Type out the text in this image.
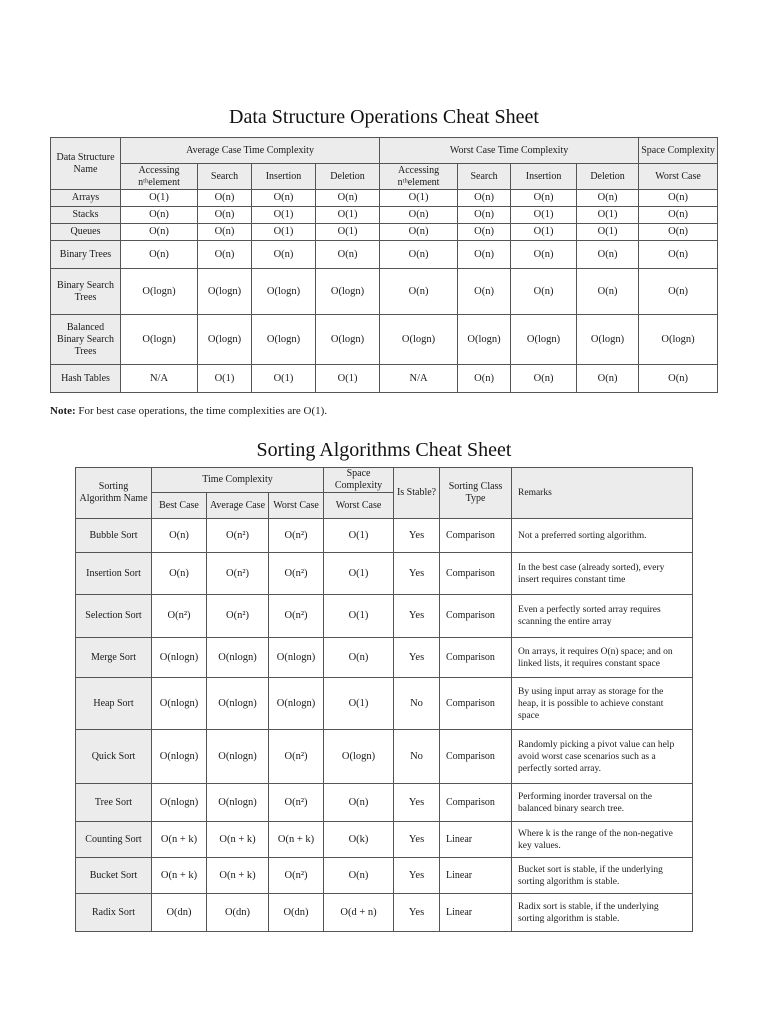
Data Structure Operations Cheat Sheet
Data Structure Name	Average Case Time Complexity				Worst Case Time Complexity				Space Complexity
	Accessing nᵗʰelement	Search	Insertion	Deletion	Accessing nᵗʰelement	Search	Insertion	Deletion	Worst Case
Arrays	O(1)	O(n)	O(n)	O(n)	O(1)	O(n)	O(n)	O(n)	O(n)
Stacks	O(n)	O(n)	O(1)	O(1)	O(n)	O(n)	O(1)	O(1)	O(n)
Queues	O(n)	O(n)	O(1)	O(1)	O(n)	O(n)	O(1)	O(1)	O(n)
Binary Trees	O(n)	O(n)	O(n)	O(n)	O(n)	O(n)	O(n)	O(n)	O(n)
Binary Search Trees	O(logn)	O(logn)	O(logn)	O(logn)	O(n)	O(n)	O(n)	O(n)	O(n)
Balanced Binary Search Trees	O(logn)	O(logn)	O(logn)	O(logn)	O(logn)	O(logn)	O(logn)	O(logn)	O(logn)
Hash Tables	N/A	O(1)	O(1)	O(1)	N/A	O(n)	O(n)	O(n)	O(n)
Note: For best case operations, the time complexities are O(1).
Sorting Algorithms Cheat Sheet
Sorting Algorithm Name	Time Complexity			Space Complexity	Is Stable?	Sorting Class Type	Remarks
	Best Case	Average Case	Worst Case	Worst Case			
Bubble Sort	O(n)	O(n²)	O(n²)	O(1)	Yes	Comparison	Not a preferred sorting algorithm.
Insertion Sort	O(n)	O(n²)	O(n²)	O(1)	Yes	Comparison	In the best case (already sorted), every insert requires constant time
Selection Sort	O(n²)	O(n²)	O(n²)	O(1)	Yes	Comparison	Even a perfectly sorted array requires scanning the entire array
Merge Sort	O(nlogn)	O(nlogn)	O(nlogn)	O(n)	Yes	Comparison	On arrays, it requires O(n) space; and on linked lists, it requires constant space
Heap Sort	O(nlogn)	O(nlogn)	O(nlogn)	O(1)	No	Comparison	By using input array as storage for the heap, it is possible to achieve constant space
Quick Sort	O(nlogn)	O(nlogn)	O(n²)	O(logn)	No	Comparison	Randomly picking a pivot value can help avoid worst case scenarios such as a perfectly sorted array.
Tree Sort	O(nlogn)	O(nlogn)	O(n²)	O(n)	Yes	Comparison	Performing inorder traversal on the balanced binary search tree.
Counting Sort	O(n + k)	O(n + k)	O(n + k)	O(k)	Yes	Linear	Where k is the range of the non-negative key values.
Bucket Sort	O(n + k)	O(n + k)	O(n²)	O(n)	Yes	Linear	Bucket sort is stable, if the underlying sorting algorithm is stable.
Radix Sort	O(dn)	O(dn)	O(dn)	O(d + n)	Yes	Linear	Radix sort is stable, if the underlying sorting algorithm is stable.
